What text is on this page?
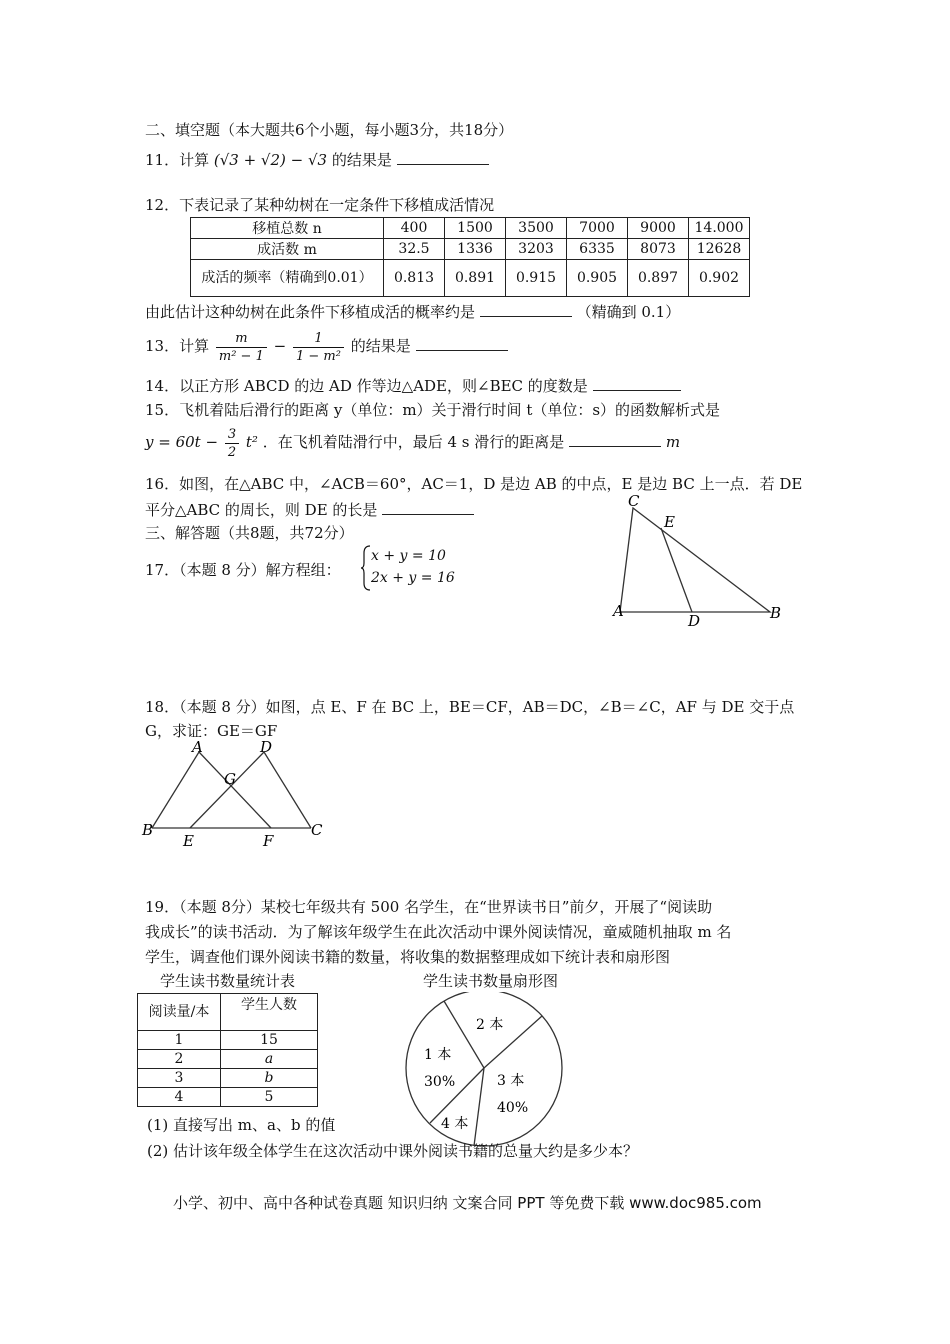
二、填空题（本大题共6个小题，每小题3分，共18分）
11．计算 (√3 + √2) − √3 的结果是
12．下表记录了某种幼树在一定条件下移植成活情况
移植总数 n	400	1500	3500	7000	9000	14.000
成活数 m	32.5	1336	3203	6335	8073	12628
成活的频率（精确到0.01）	0.813	0.891	0.915	0.905	0.897	0.902
由此估计这种幼树在此条件下移植成活的概率约是	（精确到 0.1）
13．计算 $\frac{m}{\text{m² − 1}} - \frac{1}{\text{1 − m²}}$ 的结果是
14．以正方形 ABCD 的边 AD 作等边△ADE，则∠BEC 的度数是
15．飞机着陆后滑行的距离 y（单位：m）关于滑行时间 t（单位：s）的函数解析式是
$y = 60t - \frac{3}{2} t^2$ ．在飞机着陆滑行中，最后 4 s 滑行的距离是	m
16．如图，在△ABC 中，∠ACB＝60°，AC＝1，D 是边 AB 的中点，E 是边 BC 上一点．若 DE
平分△ABC 的周长，则 DE 的长是	C
E
A
D	B
三、解答题（共8题，共72分）
17．（本题 8 分）解方程组：
x + y = 10
2x + y = 16
18．（本题 8 分）如图，点 E、F 在 BC 上，BE＝CF，AB＝DC，∠B＝∠C，AF 与 DE 交于点
G，求证：GE＝GF
A	D
G
B
E	F
C
19．（本题 8分）某校七年级共有 500 名学生，在“世界读书日”前夕，开展了“阅读助
我成长”的读书活动．为了解该年级学生在此次活动中课外阅读情况，童威随机抽取 m 名
学生，调查他们课外阅读书籍的数量，将收集的数据整理成如下统计表和扇形图
学生读书数量统计表	学生读书数量扇形图
阅读量/本	学生人数
1	15
2	a
3	b
4	5
2 本
1 本
30%	3 本
40%
4 本
(1) 直接写出 m、a、b 的值
(2) 估计该年级全体学生在这次活动中课外阅读书籍的总量大约是多少本？
小学、初中、高中各种试卷真题 知识归纳 文案合同 PPT 等免费下载 www.doc985.com
